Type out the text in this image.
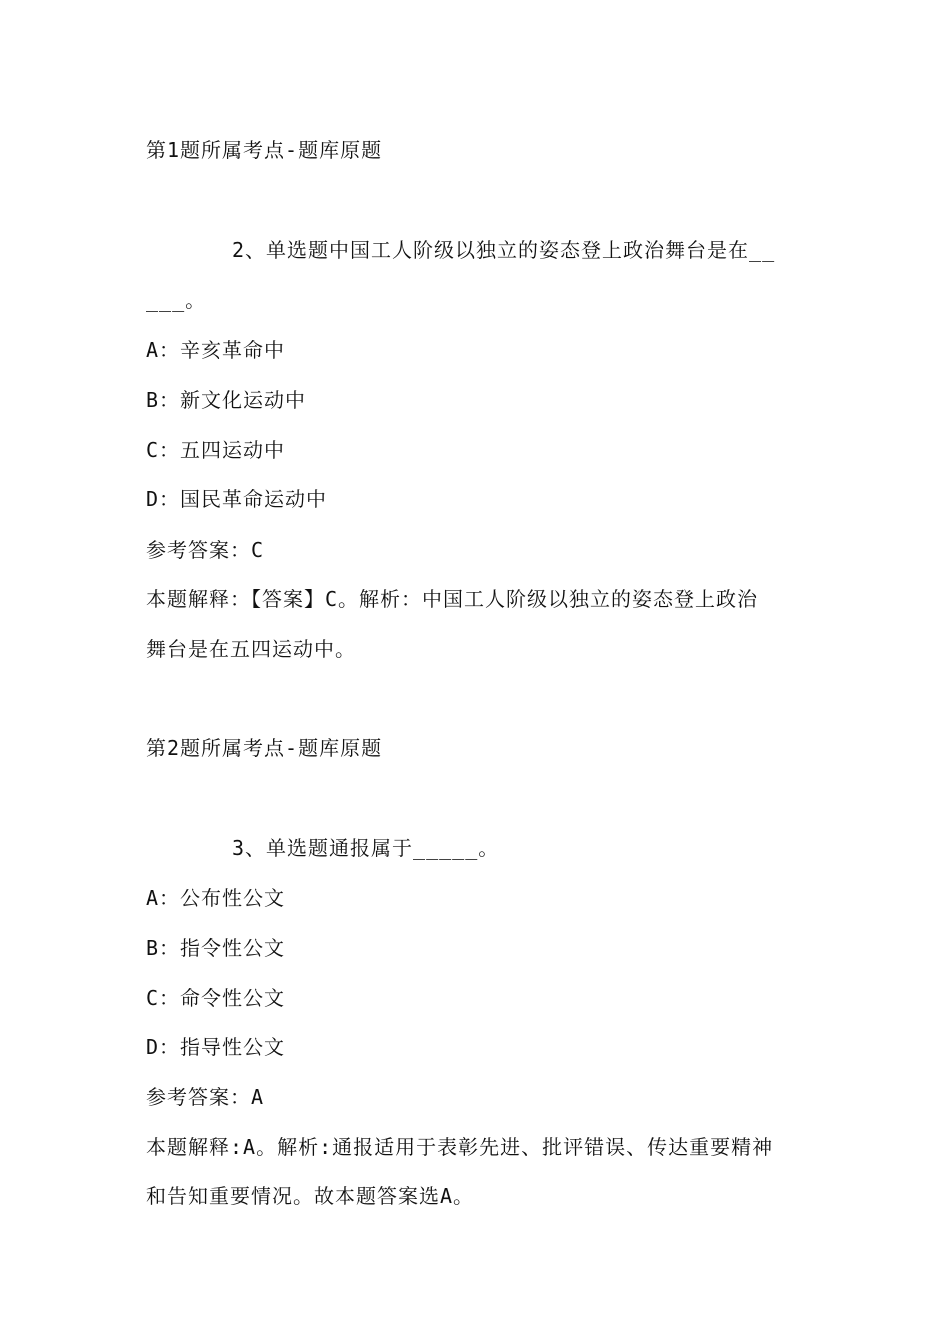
第1题所属考点-题库原题
2、单选题中国工人阶级以独立的姿态登上政治舞台是在__
___。
A：辛亥革命中
B：新文化运动中
C：五四运动中
D：国民革命运动中
参考答案：C
本题解释：【答案】C。解析：中国工人阶级以独立的姿态登上政治
舞台是在五四运动中。
第2题所属考点-题库原题
3、单选题通报属于_____。
A：公布性公文
B：指令性公文
C：命令性公文
D：指导性公文
参考答案：A
本题解释:A。解析:通报适用于表彰先进、批评错误、传达重要精神
和告知重要情况。故本题答案选A。
